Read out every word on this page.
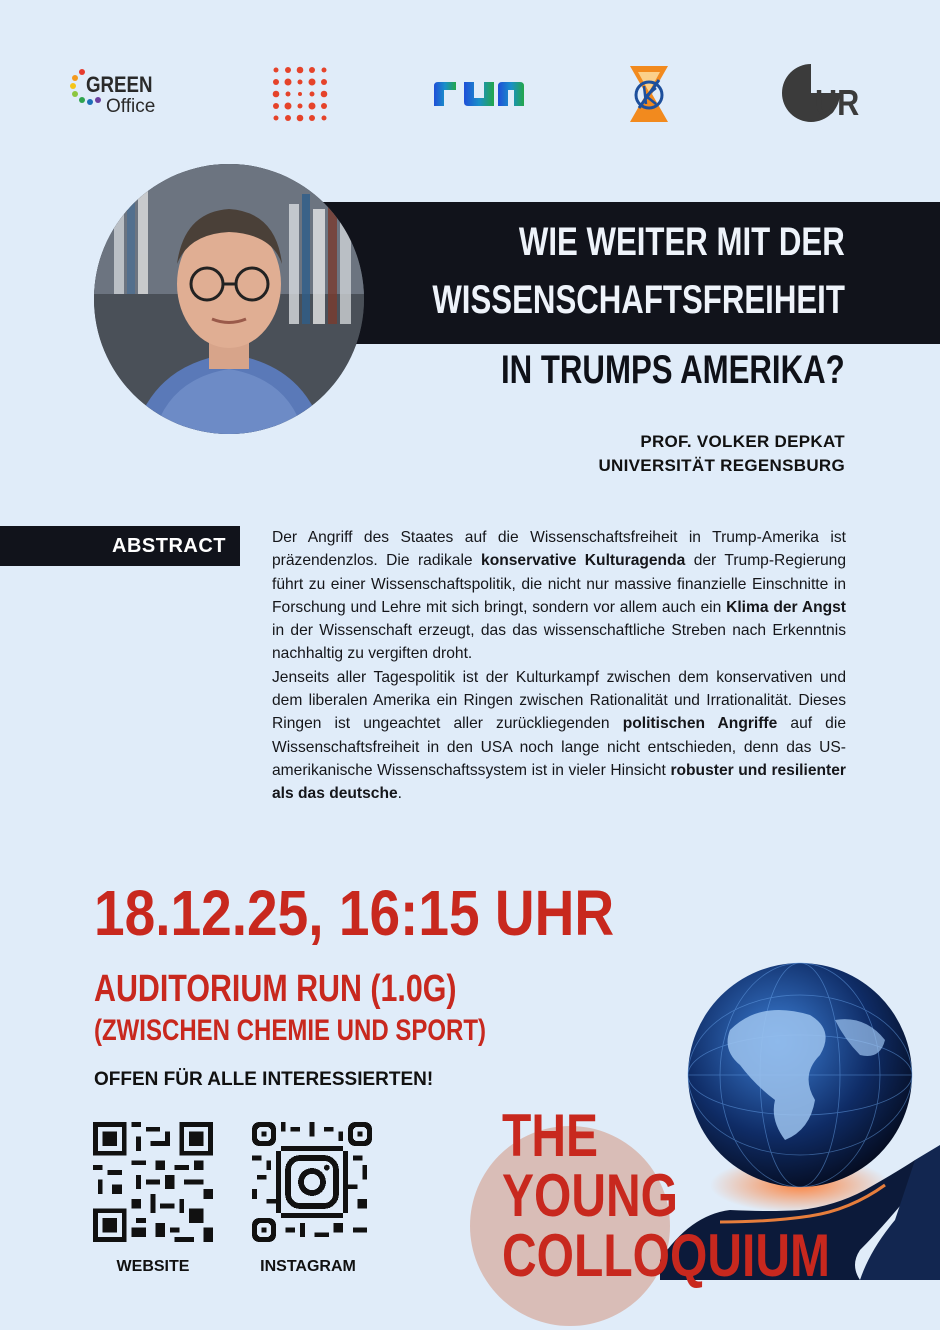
GREEN
Office	UR
WIE WEITER MIT DER
WISSENSCHAFTSFREIHEIT
IN TRUMPS AMERIKA?
PROF. VOLKER DEPKAT
UNIVERSITÄT REGENSBURG
ABSTRACT	Der Angriff des Staates auf die Wissenschaftsfreiheit in Trump-Amerika ist präzendenzlos. Die radikale konservative Kulturagenda der Trump-Regierung führt zu einer Wissenschaftspolitik, die nicht nur massive finanzielle Einschnitte in Forschung und Lehre mit sich bringt, sondern vor allem auch ein Klima der Angst in der Wissenschaft erzeugt, das das wissenschaftliche Streben nach Erkenntnis nachhaltig zu vergiften droht.

Jenseits aller Tagespolitik ist der Kulturkampf zwischen dem konservativen und dem liberalen Amerika ein Ringen zwischen Rationalität und Irrationalität. Dieses Ringen ist ungeachtet aller zurückliegenden politischen Angriffe auf die Wissenschaftsfreiheit in den USA noch lange nicht entschieden, denn das US-amerikanische Wissenschaftssystem ist in vieler Hinsicht robuster und resilienter als das deutsche.

18.12.25, 16:15 UHR
AUDITORIUM RUN (1.0G)
(ZWISCHEN CHEMIE UND SPORT)
OFFEN FÜR ALLE INTERESSIERTEN!
WEBSITE	INSTAGRAM
THE
YOUNG
COLLOQUIUM
